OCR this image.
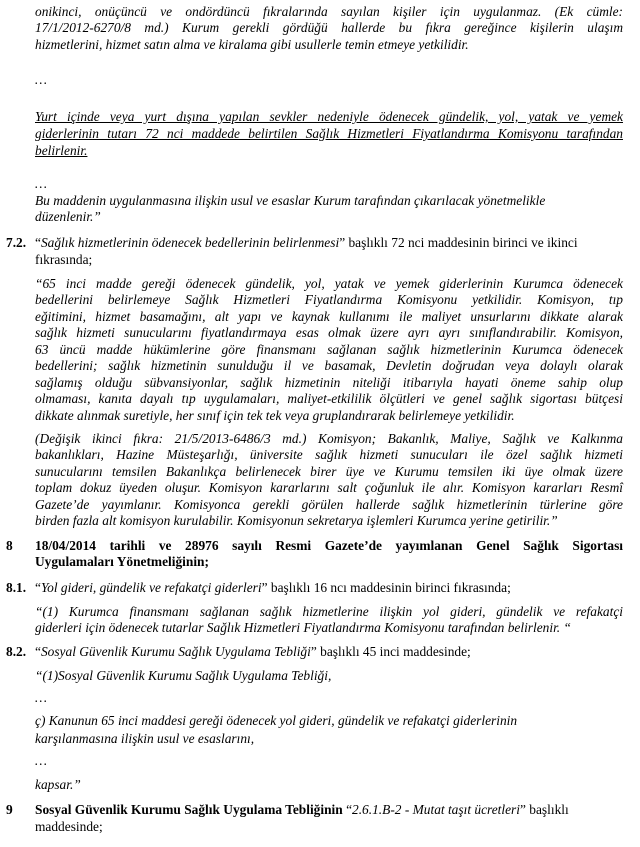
onikinci, onüçüncü ve ondördüncü fıkralarında sayılan kişiler için uygulanmaz. (Ek cümle:
17/1/2012-6270/8 md.) Kurum gerekli gördüğü hallerde bu fıkra gereğince kişilerin ulaşım
hizmetlerini, hizmet satın alma ve kiralama gibi usullerle temin etmeye yetkilidir.
…
Yurt içinde veya yurt dışına yapılan sevkler nedeniyle ödenecek gündelik, yol, yatak ve yemek
giderlerinin tutarı 72 nci maddede belirtilen Sağlık Hizmetleri Fiyatlandırma Komisyonu tarafından
belirlenir.
…
Bu maddenin uygulanmasına ilişkin usul ve esaslar Kurum tarafından çıkarılacak yönetmelikle
düzenlenir.”
7.2. “Sağlık hizmetlerinin ödenecek bedellerinin belirlenmesi” başlıklı 72 nci maddesinin birinci ve ikinci
fıkrasında;
“65 inci madde gereği ödenecek gündelik, yol, yatak ve yemek giderlerinin Kurumca ödenecek
bedellerini belirlemeye Sağlık Hizmetleri Fiyatlandırma Komisyonu yetkilidir. Komisyon, tıp
eğitimini, hizmet basamağını, alt yapı ve kaynak kullanımı ile maliyet unsurlarını dikkate alarak
sağlık hizmeti sunucularını fiyatlandırmaya esas olmak üzere ayrı ayrı sınıflandırabilir. Komisyon,
63 üncü madde hükümlerine göre finansmanı sağlanan sağlık hizmetlerinin Kurumca ödenecek
bedellerini; sağlık hizmetinin sunulduğu il ve basamak, Devletin doğrudan veya dolaylı olarak
sağlamış olduğu sübvansiyonlar, sağlık hizmetinin niteliği itibarıyla hayati öneme sahip olup
olmaması, kanıta dayalı tıp uygulamaları, maliyet-etkililik ölçütleri ve genel sağlık sigortası bütçesi
dikkate alınmak suretiyle, her sınıf için tek tek veya gruplandırarak belirlemeye yetkilidir.
(Değişik ikinci fıkra: 21/5/2013-6486/3 md.) Komisyon; Bakanlık, Maliye, Sağlık ve Kalkınma
bakanlıkları, Hazine Müsteşarlığı, üniversite sağlık hizmeti sunucuları ile özel sağlık hizmeti
sunucularını temsilen Bakanlıkça belirlenecek birer üye ve Kurumu temsilen iki üye olmak üzere
toplam dokuz üyeden oluşur. Komisyon kararlarını salt çoğunluk ile alır. Komisyon kararları Resmî
Gazete’de yayımlanır. Komisyonca gerekli görülen hallerde sağlık hizmetlerinin türlerine göre
birden fazla alt komisyon kurulabilir. Komisyonun sekretarya işlemleri Kurumca yerine getirilir.”
8 18/04/2014 tarihli ve 28976 sayılı Resmi Gazete’de yayımlanan Genel Sağlık Sigortası
Uygulamaları Yönetmeliğinin;
8.1. “Yol gideri, gündelik ve refakatçi giderleri” başlıklı 16 ncı maddesinin birinci fıkrasında;
“(1) Kurumca finansmanı sağlanan sağlık hizmetlerine ilişkin yol gideri, gündelik ve refakatçi
giderleri için ödenecek tutarlar Sağlık Hizmetleri Fiyatlandırma Komisyonu tarafından belirlenir. “
8.2. “Sosyal Güvenlik Kurumu Sağlık Uygulama Tebliği” başlıklı 45 inci maddesinde;
“(1)Sosyal Güvenlik Kurumu Sağlık Uygulama Tebliği,
…
ç) Kanunun 65 inci maddesi gereği ödenecek yol gideri, gündelik ve refakatçi giderlerinin
karşılanmasına ilişkin usul ve esaslarını,
…
kapsar.”
9 Sosyal Güvenlik Kurumu Sağlık Uygulama Tebliğinin “2.6.1.B-2 - Mutat taşıt ücretleri” başlıklı
maddesinde;
